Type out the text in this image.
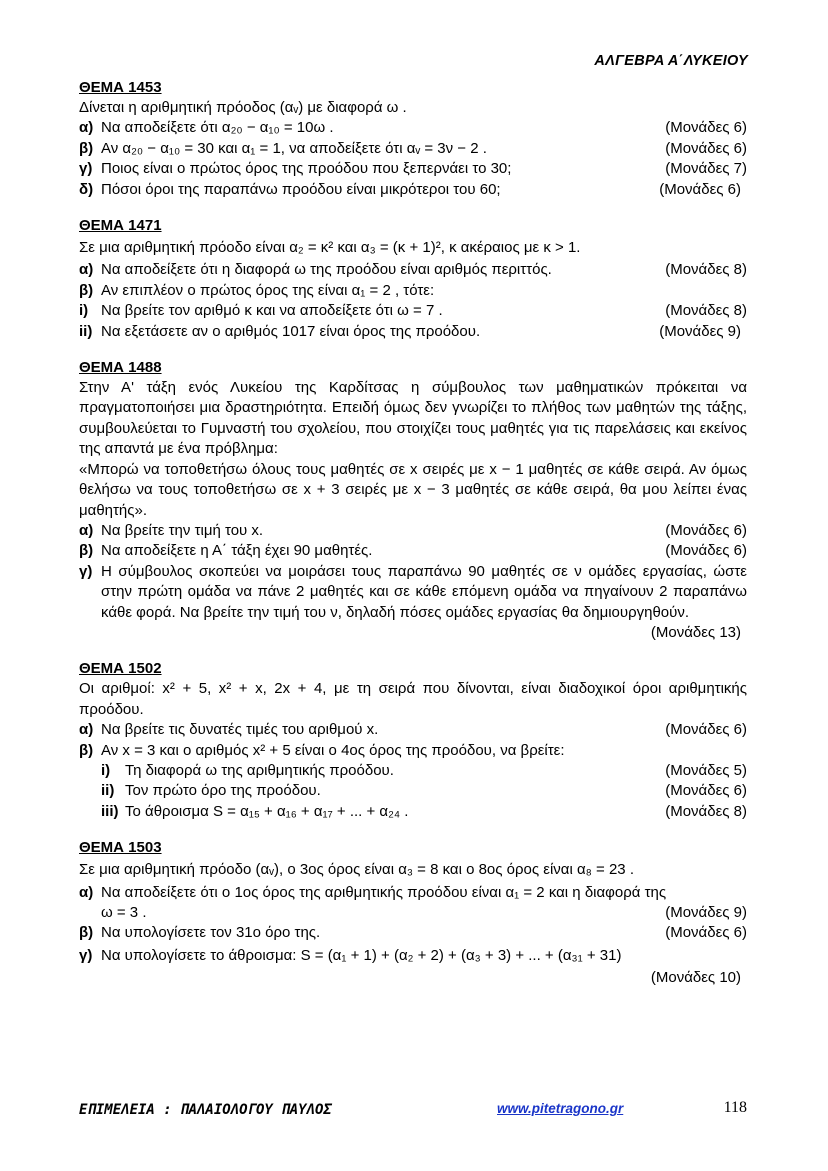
ΑΛΓΕΒΡΑ Α΄ΛΥΚΕΙΟΥ
ΘΕΜΑ 1453
Δίνεται η αριθμητική πρόοδος (αᵥ) με διαφορά ω .
α) Να αποδείξετε ότι α₂₀ − α₁₀ = 10ω .	(Μονάδες 6)
β) Αν α₂₀ − α₁₀ = 30 και α₁ = 1, να αποδείξετε ότι αᵥ = 3ν − 2 .	(Μονάδες 6)
γ) Ποιος είναι ο πρώτος όρος της προόδου που ξεπερνάει το 30;	(Μονάδες 7)
δ) Πόσοι όροι της παραπάνω προόδου είναι μικρότεροι του 60;	(Μονάδες 6)
ΘΕΜΑ 1471
Σε μια αριθμητική πρόοδο είναι α₂ = κ² και α₃ = (κ + 1)², κ ακέραιος με κ > 1.
α) Να αποδείξετε ότι η διαφορά ω της προόδου είναι αριθμός περιττός.	(Μονάδες 8)
β) Αν επιπλέον ο πρώτος όρος της είναι α₁ = 2 , τότε:
i) Να βρείτε τον αριθμό κ και να αποδείξετε ότι ω = 7 .	(Μονάδες 8)
ii) Να εξετάσετε αν ο αριθμός 1017 είναι όρος της προόδου.	(Μονάδες 9)
ΘΕΜΑ 1488
Στην Α' τάξη ενός Λυκείου της Καρδίτσας η σύμβουλος των μαθηματικών πρόκειται να πραγματοποιήσει μια δραστηριότητα. Επειδή όμως δεν γνωρίζει το πλήθος των μαθητών της τάξης, συμβουλεύεται το Γυμναστή του σχολείου, που στοιχίζει τους μαθητές για τις παρελάσεις και εκείνος της απαντά με ένα πρόβλημα:
«Μπορώ να τοποθετήσω όλους τους μαθητές σε x σειρές με x − 1 μαθητές σε κάθε σειρά. Αν όμως θελήσω να τους τοποθετήσω σε x + 3 σειρές με x − 3 μαθητές σε κάθε σειρά, θα μου λείπει ένας μαθητής».
α) Να βρείτε την τιμή του x.	(Μονάδες 6)
β) Να αποδείξετε η Α΄ τάξη έχει 90 μαθητές.	(Μονάδες 6)
γ) Η σύμβουλος σκοπεύει να μοιράσει τους παραπάνω 90 μαθητές σε ν ομάδες εργασίας, ώστε στην πρώτη ομάδα να πάνε 2 μαθητές και σε κάθε επόμενη ομάδα να πηγαίνουν 2 παραπάνω κάθε φορά. Να βρείτε την τιμή του ν, δηλαδή πόσες ομάδες εργασίας θα δημιουργηθούν.
(Μονάδες 13)
ΘΕΜΑ 1502
Οι αριθμοί: x² + 5, x² + x, 2x + 4, με τη σειρά που δίνονται, είναι διαδοχικοί όροι αριθμητικής προόδου.
α) Να βρείτε τις δυνατές τιμές του αριθμού x.	(Μονάδες 6)
β) Αν x = 3 και ο αριθμός x² + 5 είναι ο 4ος όρος της προόδου, να βρείτε:
i) Τη διαφορά ω της αριθμητικής προόδου.	(Μονάδες 5)
ii) Τον πρώτο όρο της προόδου.	(Μονάδες 6)
iii) Το άθροισμα S = α₁₅ + α₁₆ + α₁₇ + ... + α₂₄ .	(Μονάδες 8)
ΘΕΜΑ 1503
Σε μια αριθμητική πρόοδο (αᵥ), ο 3ος όρος είναι α₃ = 8 και ο 8ος όρος είναι α₈ = 23 .
α) Να αποδείξετε ότι ο 1ος όρος της αριθμητικής προόδου είναι α₁ = 2 και η διαφορά της
ω = 3 .	(Μονάδες 9)
β) Να υπολογίσετε τον 31ο όρο της.	(Μονάδες 6)
γ) Να υπολογίσετε το άθροισμα: S = (α₁ + 1) + (α₂ + 2) + (α₃ + 3) + ... + (α₃₁ + 31)
(Μονάδες 10)
ΕΠΙΜΕΛΕΙΑ : ΠΑΛΑΙΟΛΟΓΟΥ ΠΑΥΛΟΣ	www.pitetragono.gr	118
